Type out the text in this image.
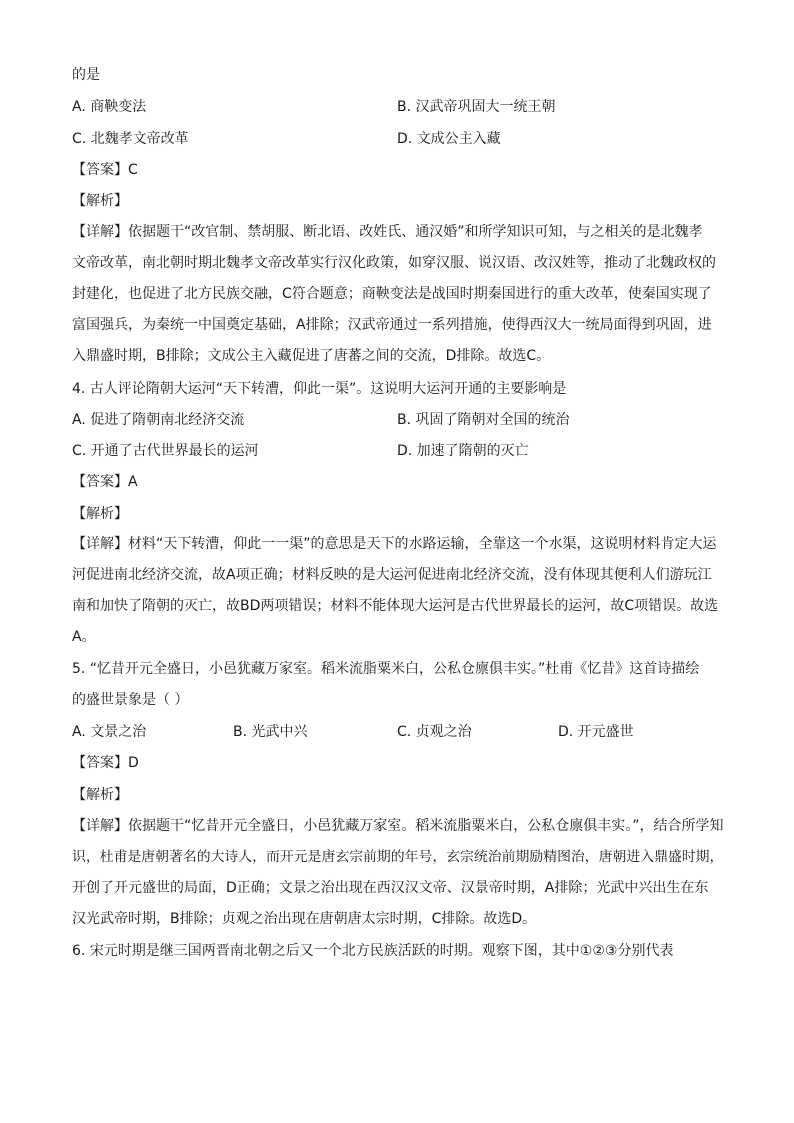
的是
A. 商鞅变法	B. 汉武帝巩固大一统王朝
C. 北魏孝文帝改革	D. 文成公主入藏
【答案】C
【解析】
【详解】依据题干“改官制、禁胡服、断北语、改姓氏、通汉婚”和所学知识可知，与之相关的是北魏孝
文帝改革，南北朝时期北魏孝文帝改革实行汉化政策，如穿汉服、说汉语、改汉姓等，推动了北魏政权的
封建化，也促进了北方民族交融，C符合题意；商鞅变法是战国时期秦国进行的重大改革，使秦国实现了
富国强兵，为秦统一中国奠定基础，A排除；汉武帝通过一系列措施，使得西汉大一统局面得到巩固，进
入鼎盛时期，B排除；文成公主入藏促进了唐蕃之间的交流，D排除。故选C。
4. 古人评论隋朝大运河“天下转漕，仰此一渠”。这说明大运河开通的主要影响是
A. 促进了隋朝南北经济交流	B. 巩固了隋朝对全国的统治
C. 开通了古代世界最长的运河	D. 加速了隋朝的灭亡
【答案】A
【解析】
【详解】材料“天下转漕，仰此一一渠”的意思是天下的水路运输，全靠这一个水渠，这说明材料肯定大运
河促进南北经济交流，故A项正确；材料反映的是大运河促进南北经济交流，没有体现其便利人们游玩江
南和加快了隋朝的灭亡，故BD两项错误；材料不能体现大运河是古代世界最长的运河，故C项错误。故选
A。
5. “忆昔开元全盛日，小邑犹藏万家室。稻米流脂粟米白，公私仓廪俱丰实。”杜甫《忆昔》这首诗描绘
的盛世景象是（ ）
A. 文景之治	B. 光武中兴	C. 贞观之治	D. 开元盛世
【答案】D
【解析】
【详解】依据题干“忆昔开元全盛日，小邑犹藏万家室。稻米流脂粟米白，公私仓廪俱丰实。”，结合所学知
识，杜甫是唐朝著名的大诗人，而开元是唐玄宗前期的年号，玄宗统治前期励精图治，唐朝进入鼎盛时期，
开创了开元盛世的局面，D正确；文景之治出现在西汉汉文帝、汉景帝时期，A排除；光武中兴出生在东
汉光武帝时期，B排除；贞观之治出现在唐朝唐太宗时期，C排除。故选D。
6. 宋元时期是继三国两晋南北朝之后又一个北方民族活跃的时期。观察下图，其中①②③分别代表
